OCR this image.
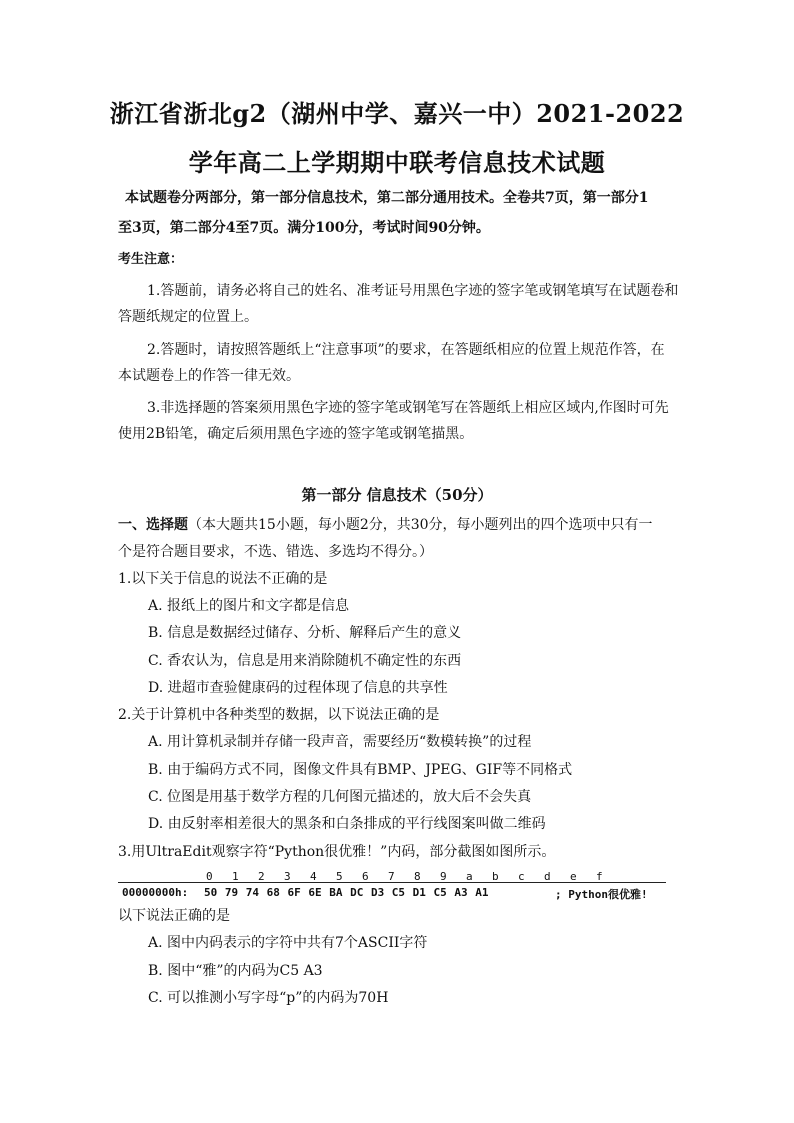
浙江省浙北g2（湖州中学、嘉兴一中）2021-2022
学年高二上学期期中联考信息技术试题
本试题卷分两部分，第一部分信息技术，第二部分通用技术。全卷共7页，第一部分1
至3页，第二部分4至7页。满分100分，考试时间90分钟。
考生注意：
1.答题前，请务必将自己的姓名、准考证号用黑色字迹的签字笔或钢笔填写在试题卷和
答题纸规定的位置上。
2.答题时，请按照答题纸上“注意事项”的要求，在答题纸相应的位置上规范作答，在
本试题卷上的作答一律无效。
3.非选择题的答案须用黑色字迹的签字笔或钢笔写在答题纸上相应区域内,作图时可先
使用2B铅笔，确定后须用黑色字迹的签字笔或钢笔描黑。
第一部分 信息技术（50分）
一、选择题（本大题共15小题，每小题2分，共30分，每小题列出的四个选项中只有一
个是符合题目要求，不选、错选、多选均不得分。）
1.以下关于信息的说法不正确的是
A. 报纸上的图片和文字都是信息
B. 信息是数据经过储存、分析、解释后产生的意义
C. 香农认为，信息是用来消除随机不确定性的东西
D. 进超市查验健康码的过程体现了信息的共享性
2.关于计算机中各种类型的数据，以下说法正确的是
A. 用计算机录制并存储一段声音，需要经历“数模转换”的过程
B. 由于编码方式不同，图像文件具有BMP、JPEG、GIF等不同格式
C. 位图是用基于数学方程的几何图元描述的，放大后不会失真
D. 由反射率相差很大的黑条和白条排成的平行线图案叫做二维码
3.用UltraEdit观察字符“Python很优雅！”内码，部分截图如图所示。
0 1 2 3 4 5 6 7 8 9 a b c d e f
00000000h: 50 79 74 68 6F 6E BA DC D3 C5 D1 C5 A3 A1	; Python很优雅!
以下说法正确的是
A. 图中内码表示的字符中共有7个ASCII字符
B. 图中“雅”的内码为C5 A3
C. 可以推测小写字母“p”的内码为70H
